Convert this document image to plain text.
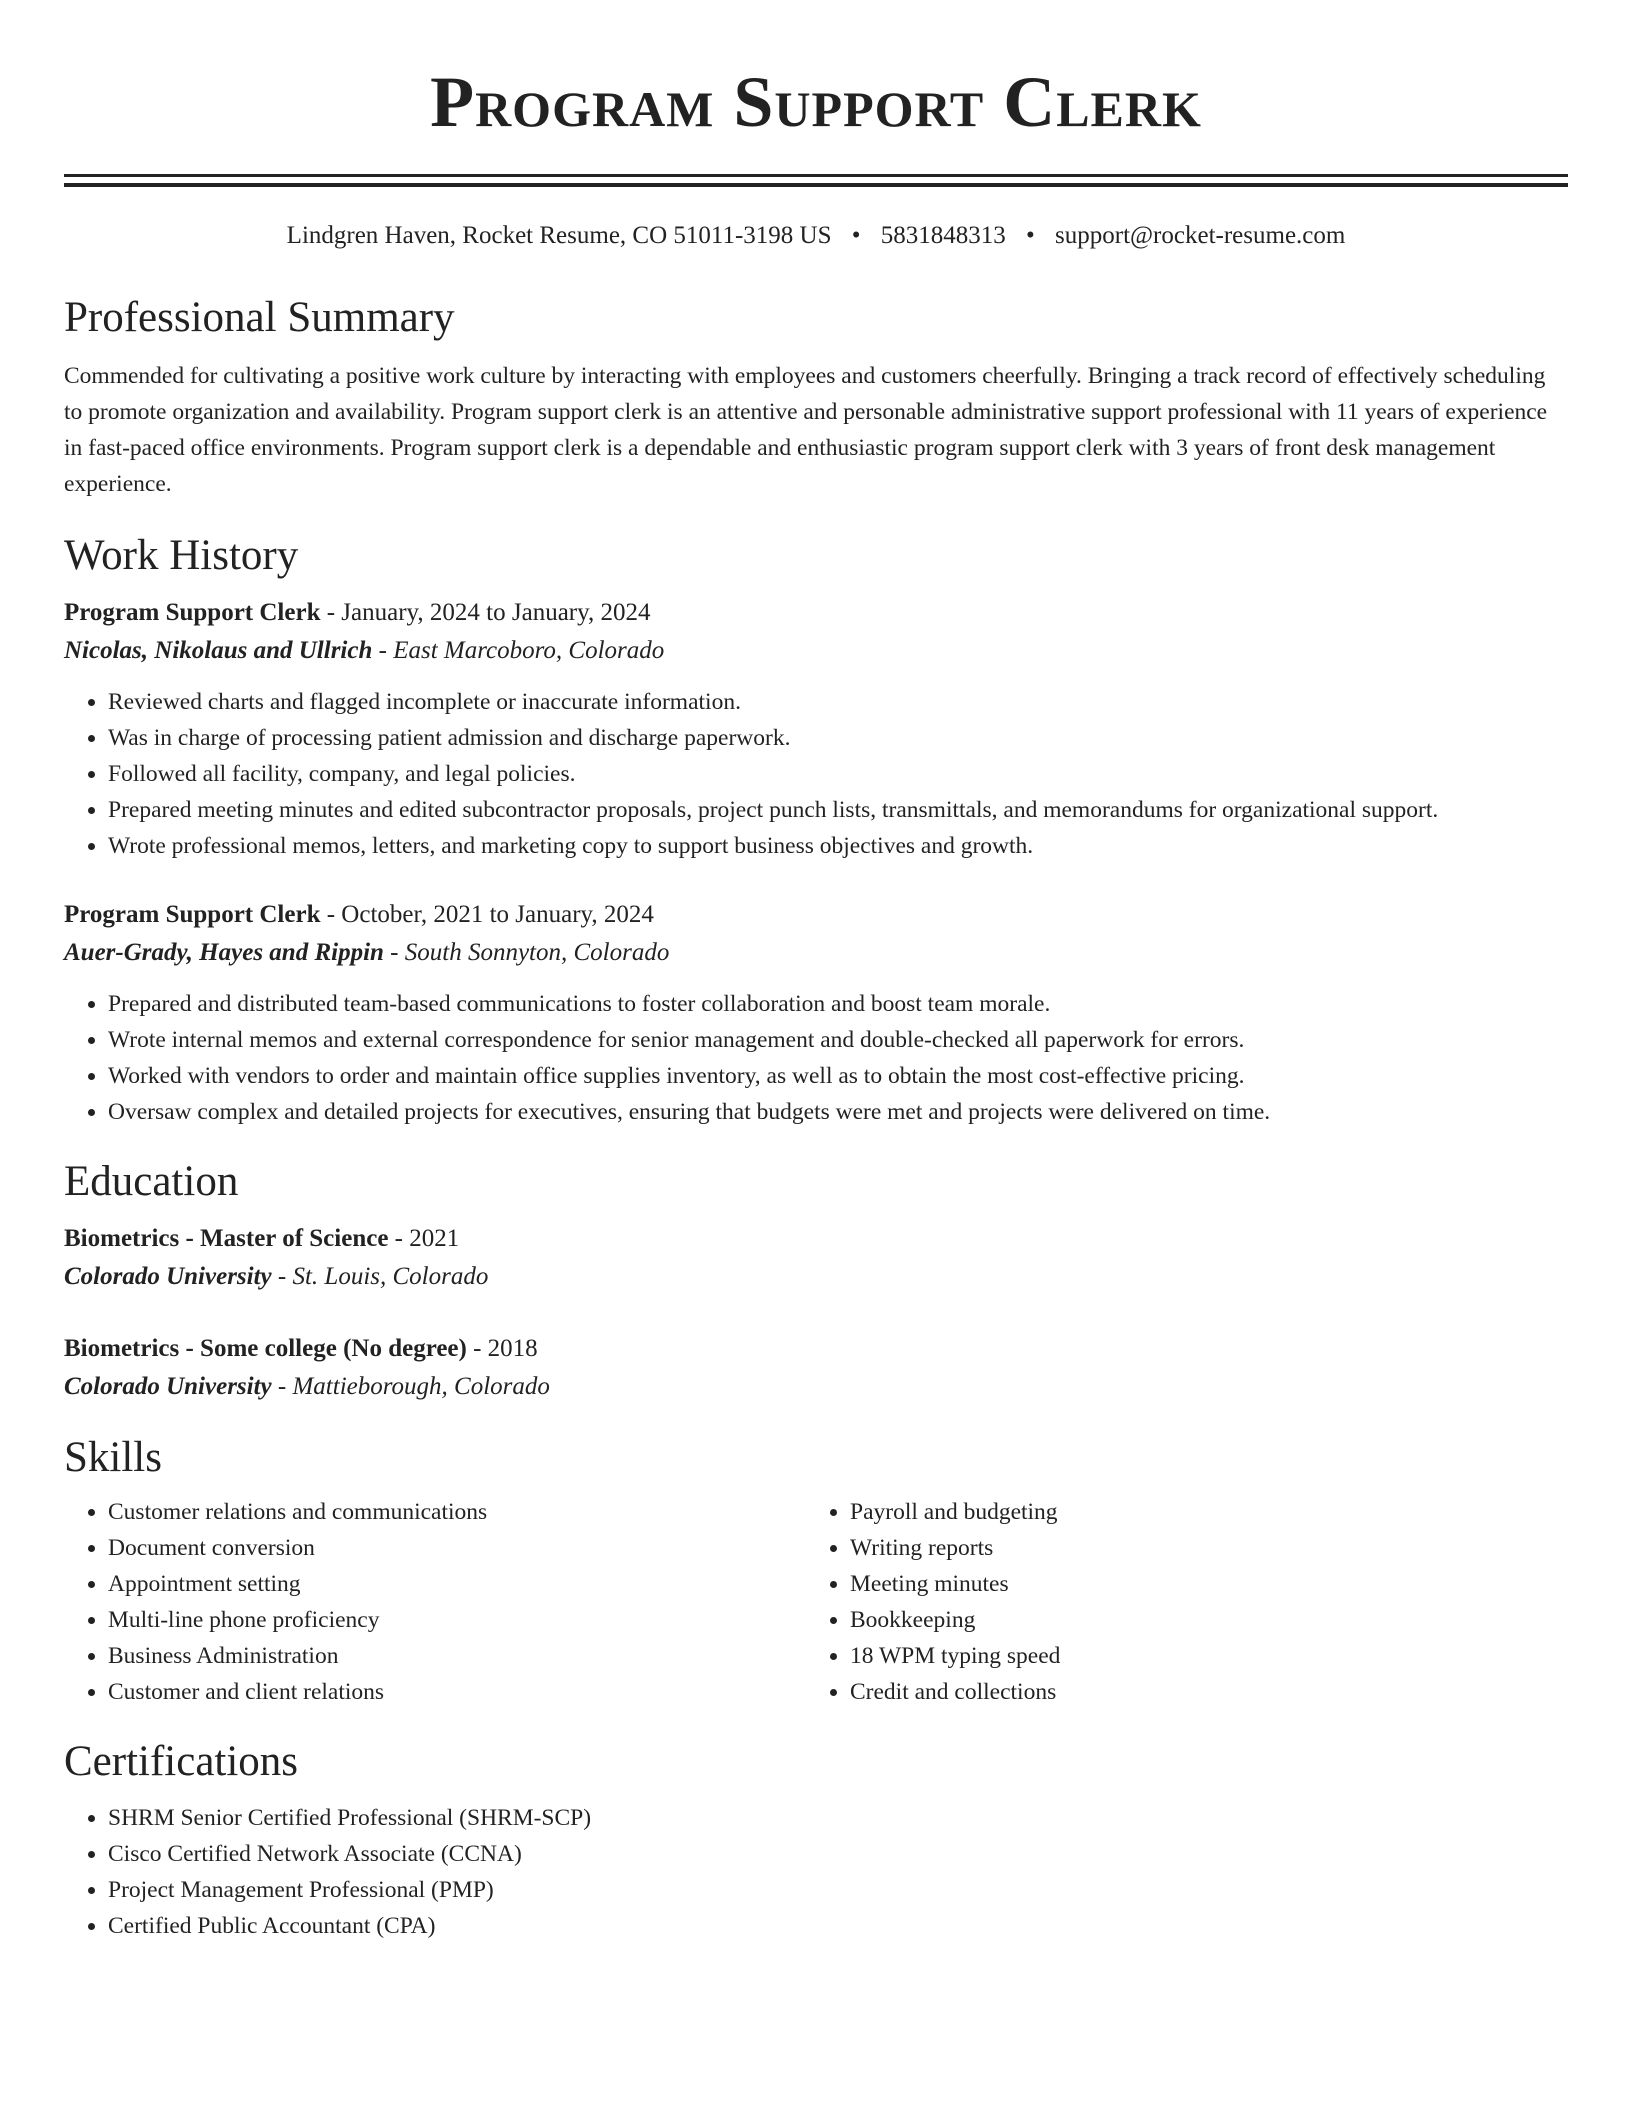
Program Support Clerk
Lindgren Haven, Rocket Resume, CO 51011-3198 US • 5831848313 • support@rocket-resume.com
Professional Summary

Commended for cultivating a positive work culture by interacting with employees and customers cheerfully. Bringing a track record of effectively scheduling to promote organization and availability. Program support clerk is an attentive and personable administrative support professional with 11 years of experience in fast-paced office environments. Program support clerk is a dependable and enthusiastic program support clerk with 3 years of front desk management experience.

Work History
Program Support Clerk - January, 2024 to January, 2024
Nicolas, Nikolaus and Ullrich - East Marcoboro, Colorado
• Reviewed charts and flagged incomplete or inaccurate information.
• Was in charge of processing patient admission and discharge paperwork.
• Followed all facility, company, and legal policies.
• Prepared meeting minutes and edited subcontractor proposals, project punch lists, transmittals, and memorandums for organizational support.
• Wrote professional memos, letters, and marketing copy to support business objectives and growth.
Program Support Clerk - October, 2021 to January, 2024
Auer-Grady, Hayes and Rippin - South Sonnyton, Colorado
• Prepared and distributed team-based communications to foster collaboration and boost team morale.
• Wrote internal memos and external correspondence for senior management and double-checked all paperwork for errors.
• Worked with vendors to order and maintain office supplies inventory, as well as to obtain the most cost-effective pricing.
• Oversaw complex and detailed projects for executives, ensuring that budgets were met and projects were delivered on time.
Education
Biometrics - Master of Science - 2021
Colorado University - St. Louis, Colorado
Biometrics - Some college (No degree) - 2018
Colorado University - Mattieborough, Colorado
Skills
• Customer relations and communications
• Document conversion
• Appointment setting
• Multi-line phone proficiency
• Business Administration
• Customer and client relations
• Payroll and budgeting
• Writing reports
• Meeting minutes
• Bookkeeping
• 18 WPM typing speed
• Credit and collections
Certifications
• SHRM Senior Certified Professional (SHRM-SCP)
• Cisco Certified Network Associate (CCNA)
• Project Management Professional (PMP)
• Certified Public Accountant (CPA)
